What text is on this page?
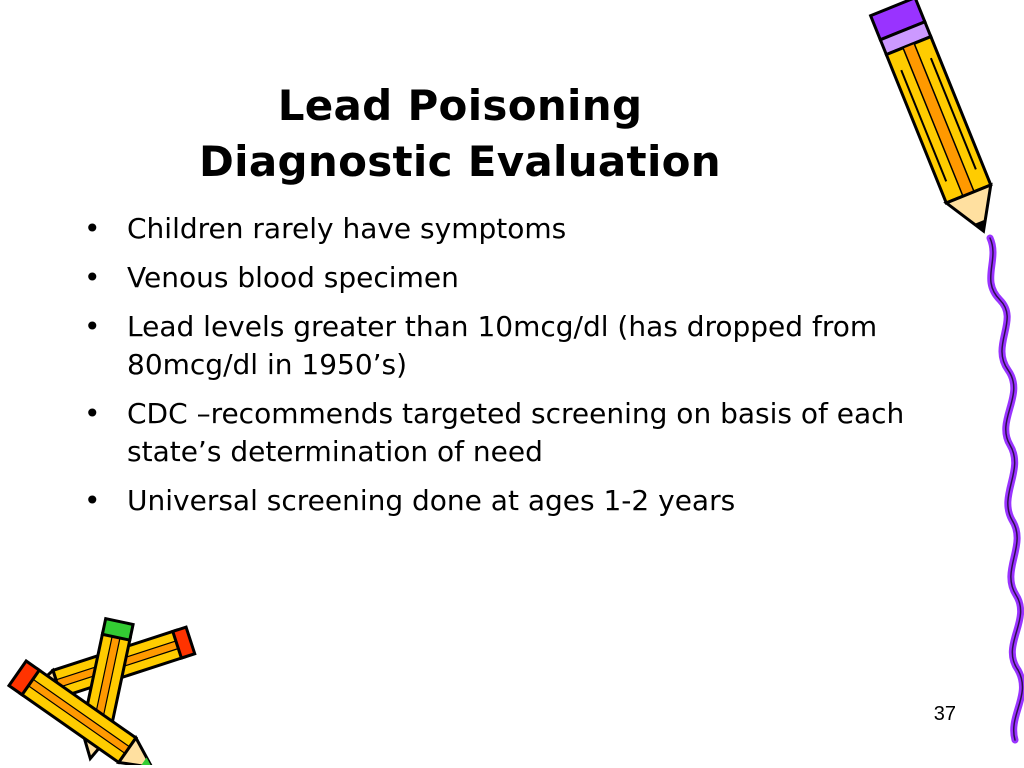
Lead Poisoning
Diagnostic Evaluation
• Children rarely have symptoms
• Venous blood specimen
• Lead levels greater than 10mcg/dl (has dropped from 80mcg/dl in 1950’s)
• CDC –recommends targeted screening on basis of each state’s determination of need
• Universal screening done at ages 1-2 years
37
